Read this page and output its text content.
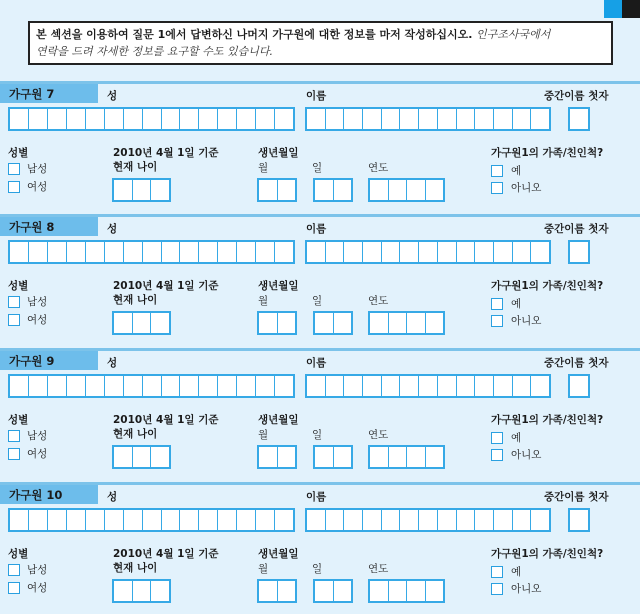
본 섹션을 이용하여 질문 1에서 답변하신 나머지 가구원에 대한 정보를 마저 작성하십시오. 인구조사국에서
연락을 드려 자세한 정보를 요구할 수도 있습니다.
가구원 7	성	이름	중간이름 첫자
성별
남성
여성
2010년 4월 1일 기준
현재 나이
생년월일
월	일	연도
가구원1의 가족/친인척?
예
아니오
가구원 8	성	이름	중간이름 첫자
성별
남성
여성
2010년 4월 1일 기준
현재 나이
생년월일
월	일	연도
가구원1의 가족/친인척?
예
아니오
가구원 9	성	이름	중간이름 첫자
성별
남성
여성
2010년 4월 1일 기준
현재 나이
생년월일
월	일	연도
가구원1의 가족/친인척?
예
아니오
가구원 10	성	이름	중간이름 첫자
성별
남성
여성
2010년 4월 1일 기준
현재 나이
생년월일
월	일	연도
가구원1의 가족/친인척?
예
아니오
